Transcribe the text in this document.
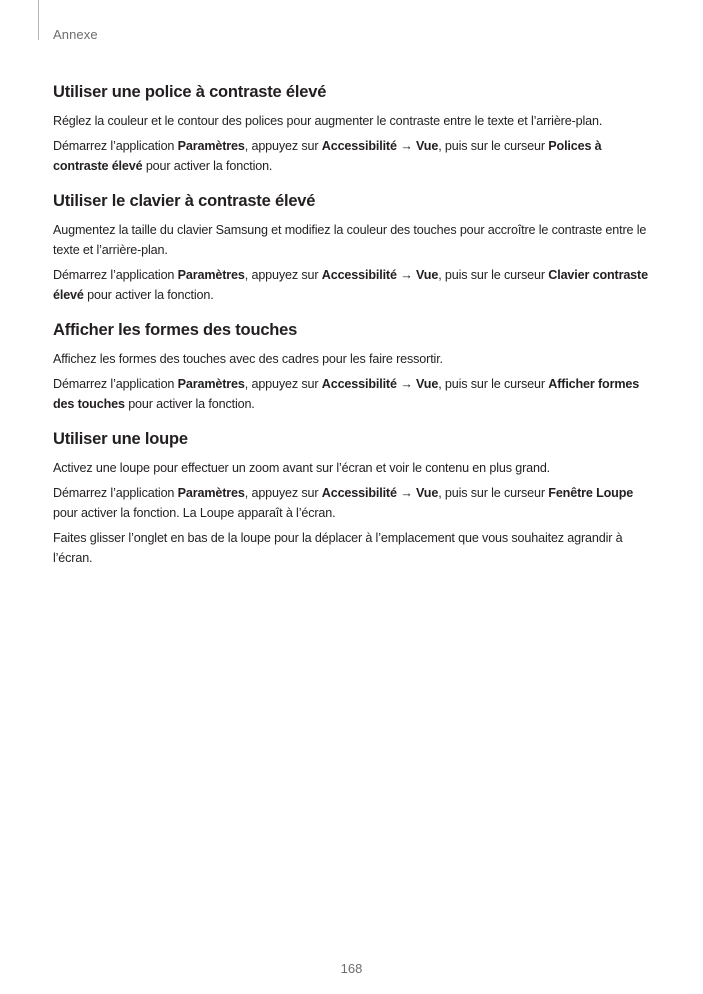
Annexe
Utiliser une police à contraste élevé

Réglez la couleur et le contour des polices pour augmenter le contraste entre le texte et l’arrière-plan.

Démarrez l’application Paramètres, appuyez sur Accessibilité → Vue, puis sur le curseur Polices à contraste élevé pour activer la fonction.

Utiliser le clavier à contraste élevé

Augmentez la taille du clavier Samsung et modifiez la couleur des touches pour accroître le contraste entre le texte et l’arrière-plan.

Démarrez l’application Paramètres, appuyez sur Accessibilité → Vue, puis sur le curseur Clavier contraste élevé pour activer la fonction.

Afficher les formes des touches

Affichez les formes des touches avec des cadres pour les faire ressortir.

Démarrez l’application Paramètres, appuyez sur Accessibilité → Vue, puis sur le curseur Afficher formes des touches pour activer la fonction.

Utiliser une loupe

Activez une loupe pour effectuer un zoom avant sur l’écran et voir le contenu en plus grand.

Démarrez l’application Paramètres, appuyez sur Accessibilité → Vue, puis sur le curseur Fenêtre Loupe pour activer la fonction. La Loupe apparaît à l’écran.

Faites glisser l’onglet en bas de la loupe pour la déplacer à l’emplacement que vous souhaitez agrandir à l’écran.

168
